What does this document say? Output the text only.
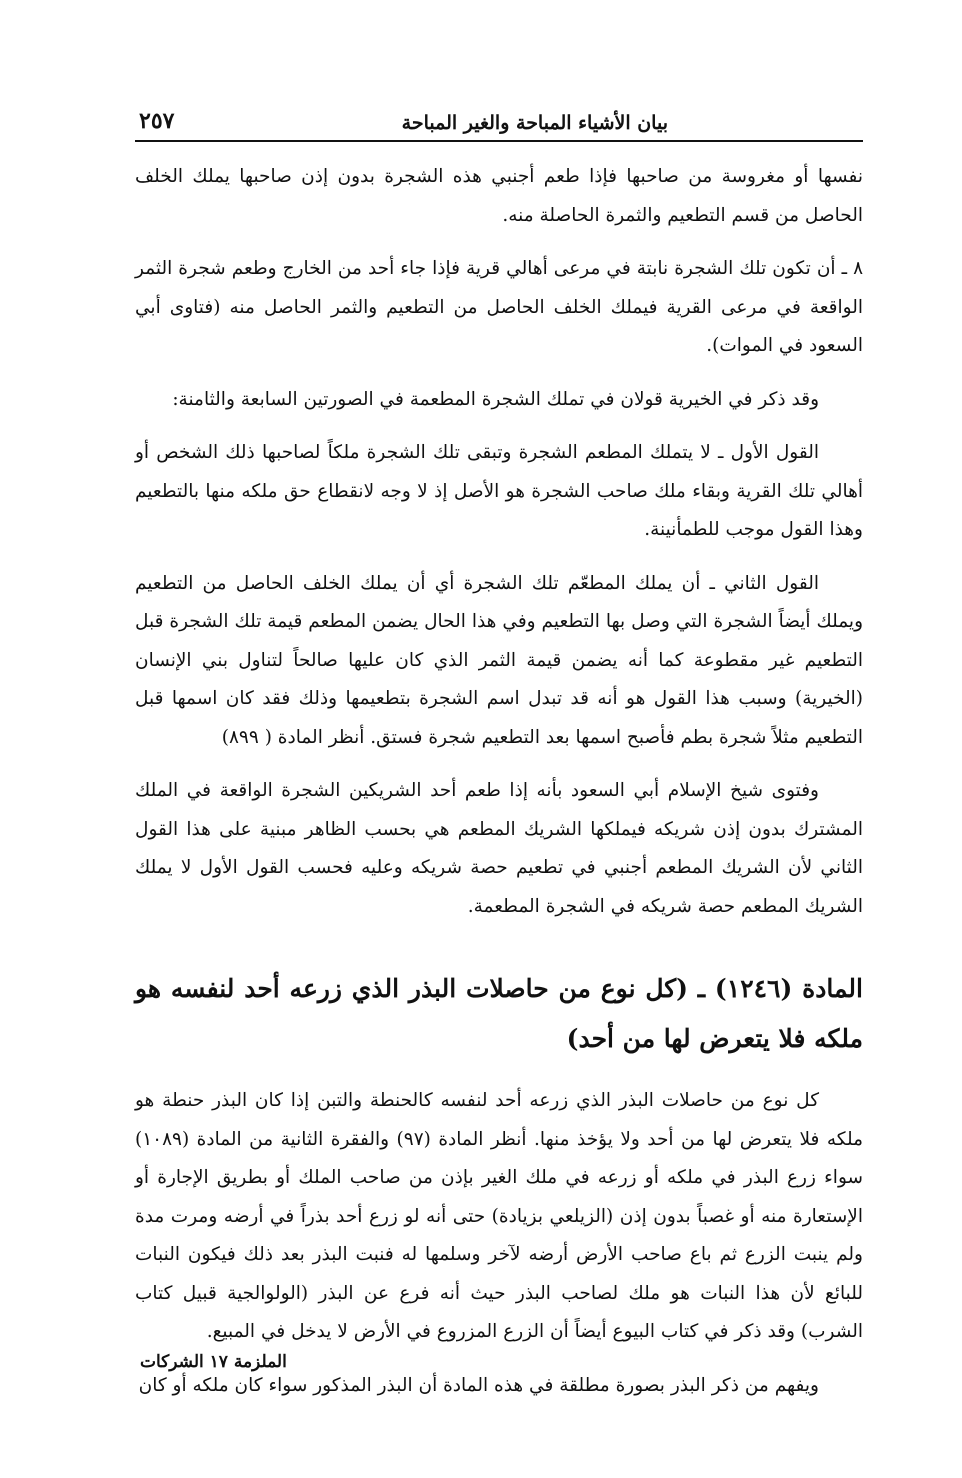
بيان الأشياء المباحة والغير المباحة
٢٥٧

نفسها أو مغروسة من صاحبها فإذا طعم أجنبي هذه الشجرة بدون إذن صاحبها يملك الخلف الحاصل من قسم التطعيم والثمرة الحاصلة منه.

٨ ـ أن تكون تلك الشجرة نابتة في مرعى أهالي قرية فإذا جاء أحد من الخارج وطعم شجرة الثمر الواقعة في مرعى القرية فيملك الخلف الحاصل من التطعيم والثمر الحاصل منه (فتاوى أبي السعود في الموات).

وقد ذكر في الخيرية قولان في تملك الشجرة المطعمة في الصورتين السابعة والثامنة:

القول الأول ـ لا يتملك المطعم الشجرة وتبقى تلك الشجرة ملكاً لصاحبها ذلك الشخص أو أهالي تلك القرية وبقاء ملك صاحب الشجرة هو الأصل إذ لا وجه لانقطاع حق ملكه منها بالتطعيم وهذا القول موجب للطمأنينة.

القول الثاني ـ أن يملك المطعّم تلك الشجرة أي أن يملك الخلف الحاصل من التطعيم ويملك أيضاً الشجرة التي وصل بها التطعيم وفي هذا الحال يضمن المطعم قيمة تلك الشجرة قبل التطعيم غير مقطوعة كما أنه يضمن قيمة الثمر الذي كان عليها صالحاً لتناول بني الإنسان (الخيرية) وسبب هذا القول هو أنه قد تبدل اسم الشجرة بتطعيمها وذلك فقد كان اسمها قبل التطعيم مثلاً شجرة بطم فأصبح اسمها بعد التطعيم شجرة فستق. أنظر المادة ( ٨٩٩)

وفتوى شيخ الإسلام أبي السعود بأنه إذا طعم أحد الشريكين الشجرة الواقعة في الملك المشترك بدون إذن شريكه فيملكها الشريك المطعم هي بحسب الظاهر مبنية على هذا القول الثاني لأن الشريك المطعم أجنبي في تطعيم حصة شريكه وعليه فحسب القول الأول لا يملك الشريك المطعم حصة شريكه في الشجرة المطعمة.

المادة (١٢٤٦) ـ (كل نوع من حاصلات البذر الذي زرعه أحد لنفسه هو ملكه فلا يتعرض لها من أحد)

كل نوع من حاصلات البذر الذي زرعه أحد لنفسه كالحنطة والتبن إذا كان البذر حنطة هو ملكه فلا يتعرض لها من أحد ولا يؤخذ منها. أنظر المادة (٩٧) والفقرة الثانية من المادة (١٠٨٩) سواء زرع البذر في ملكه أو زرعه في ملك الغير بإذن من صاحب الملك أو بطريق الإجارة أو الإستعارة منه أو غصباً بدون إذن (الزيلعي بزيادة) حتى أنه لو زرع أحد بذراً في أرضه ومرت مدة ولم ينبت الزرع ثم باع صاحب الأرض أرضه لآخر وسلمها له فنبت البذر بعد ذلك فيكون النبات للبائع لأن هذا النبات هو ملك لصاحب البذر حيث أنه فرع عن البذر (الولوالجية قبيل كتاب الشرب) وقد ذكر في كتاب البيوع أيضاً أن الزرع المزروع في الأرض لا يدخل في المبيع.

ويفهم من ذكر البذر بصورة مطلقة في هذه المادة أن البذر المذكور سواء كان ملكه أو كان

الملزمة ١٧ الشركات
